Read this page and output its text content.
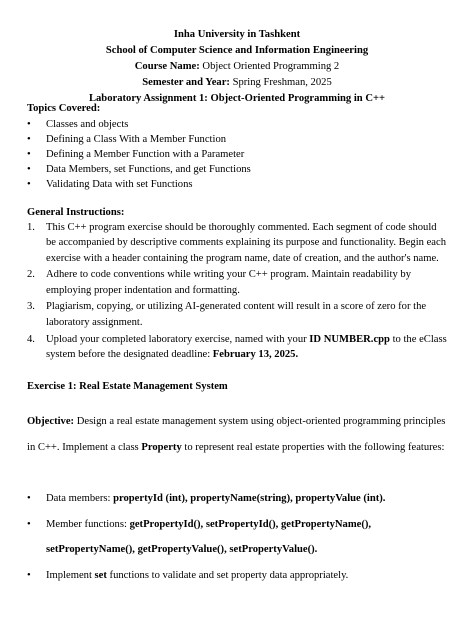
Inha University in Tashkent
School of Computer Science and Information Engineering
Course Name: Object Oriented Programming 2
Semester and Year: Spring Freshman, 2025
Laboratory Assignment 1: Object-Oriented Programming in C++
Topics Covered:
•	Classes and objects
•	Defining a Class With a Member Function
•	Defining a Member Function with a Parameter
•	Data Members, set Functions, and get Functions
•	Validating Data with set Functions
General Instructions:
1. This C++ program exercise should be thoroughly commented. Each segment of code should be accompanied by descriptive comments explaining its purpose and functionality. Begin each exercise with a header containing the program name, date of creation, and the author's name.
2. Adhere to code conventions while writing your C++ program. Maintain readability by employing proper indentation and formatting.
3. Plagiarism, copying, or utilizing AI-generated content will result in a score of zero for the laboratory assignment.
4. Upload your completed laboratory exercise, named with your ID NUMBER.cpp to the eClass system before the designated deadline: February 13, 2025.
Exercise 1: Real Estate Management System
Objective: Design a real estate management system using object-oriented programming principles in C++. Implement a class Property to represent real estate properties with the following features:
• Data members: propertyId (int), propertyName(string), propertyValue (int).
• Member functions: getPropertyId(), setPropertyId(), getPropertyName(), setPropertyName(), getPropertyValue(), setPropertyValue().
• Implement set functions to validate and set property data appropriately.
